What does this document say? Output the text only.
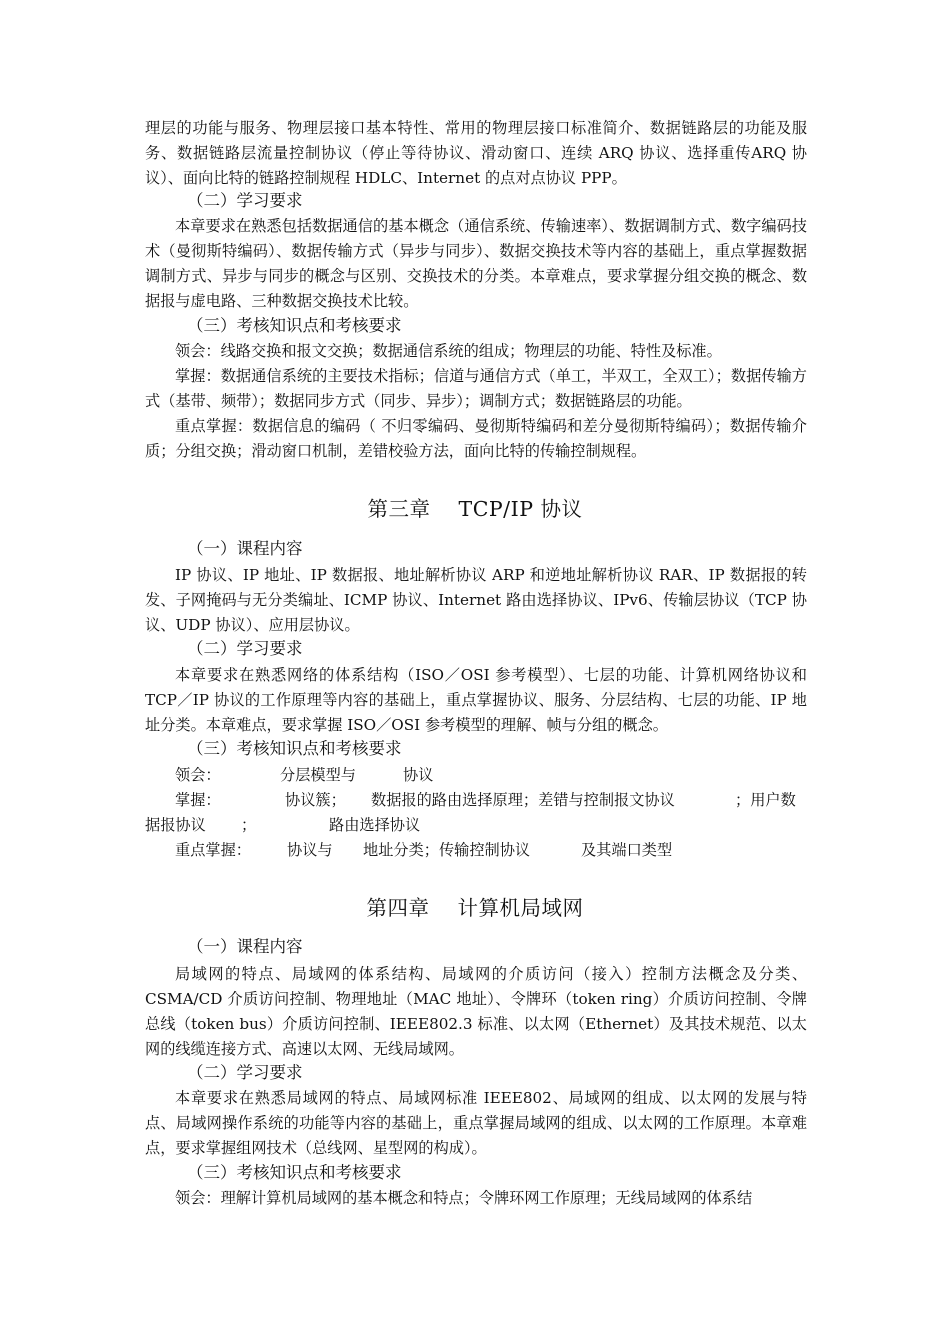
理层的功能与服务、物理层接口基本特性、常用的物理层接口标准简介、数据链路层的功能及服务、数据链路层流量控制协议（停止等待协议、滑动窗口、连续 ARQ 协议、选择重传ARQ 协议）、面向比特的链路控制规程 HDLC、Internet 的点对点协议 PPP。
（二）学习要求
本章要求在熟悉包括数据通信的基本概念（通信系统、传输速率）、数据调制方式、数字编码技术（曼彻斯特编码）、数据传输方式（异步与同步）、数据交换技术等内容的基础上，重点掌握数据调制方式、异步与同步的概念与区别、交换技术的分类。本章难点，要求掌握分组交换的概念、数据报与虚电路、三种数据交换技术比较。
（三）考核知识点和考核要求
领会：线路交换和报文交换；数据通信系统的组成；物理层的功能、特性及标准。
掌握：数据通信系统的主要技术指标；信道与通信方式（单工，半双工，全双工）；数据传输方式（基带、频带）；数据同步方式（同步、异步）；调制方式；数据链路层的功能。
重点掌握：数据信息的编码（ 不归零编码、曼彻斯特编码和差分曼彻斯特编码）；数据传输介质；分组交换；滑动窗口机制，差错校验方法，面向比特的传输控制规程。
第三章    TCP/IP 协议
（一）课程内容
IP 协议、IP 地址、IP 数据报、地址解析协议 ARP 和逆地址解析协议 RAR、IP 数据报的转发、子网掩码与无分类编址、ICMP 协议、Internet 路由选择协议、IPv6、传输层协议（TCP 协议、UDP 协议）、应用层协议。
（二）学习要求
本章要求在熟悉网络的体系结构（ISO／OSI 参考模型）、七层的功能、计算机网络协议和 TCP／IP 协议的工作原理等内容的基础上，重点掌握协议、服务、分层结构、七层的功能、IP 地址分类。本章难点，要求掌握 ISO／OSI 参考模型的理解、帧与分组的概念。
（三）考核知识点和考核要求
领会：	分层模型与	协议
掌握：	协议簇； 数据报的路由选择原理；差错与控制报文协议	；用户数
据报协议 ；	路由选择协议
重点掌握： 协议与 地址分类；传输控制协议	及其端口类型
第四章    计算机局域网
（一）课程内容
局域网的特点、局域网的体系结构、局域网的介质访问（接入）控制方法概念及分类、CSMA/CD 介质访问控制、物理地址（MAC 地址）、令牌环（token ring）介质访问控制、令牌总线（token bus）介质访问控制、IEEE802.3 标准、以太网（Ethernet）及其技术规范、以太网的线缆连接方式、高速以太网、无线局域网。
（二）学习要求
本章要求在熟悉局域网的特点、局域网标准 IEEE802、局域网的组成、以太网的发展与特点、局域网操作系统的功能等内容的基础上，重点掌握局域网的组成、以太网的工作原理。本章难点，要求掌握组网技术（总线网、星型网的构成）。
（三）考核知识点和考核要求
领会：理解计算机局域网的基本概念和特点；令牌环网工作原理；无线局域网的体系结
